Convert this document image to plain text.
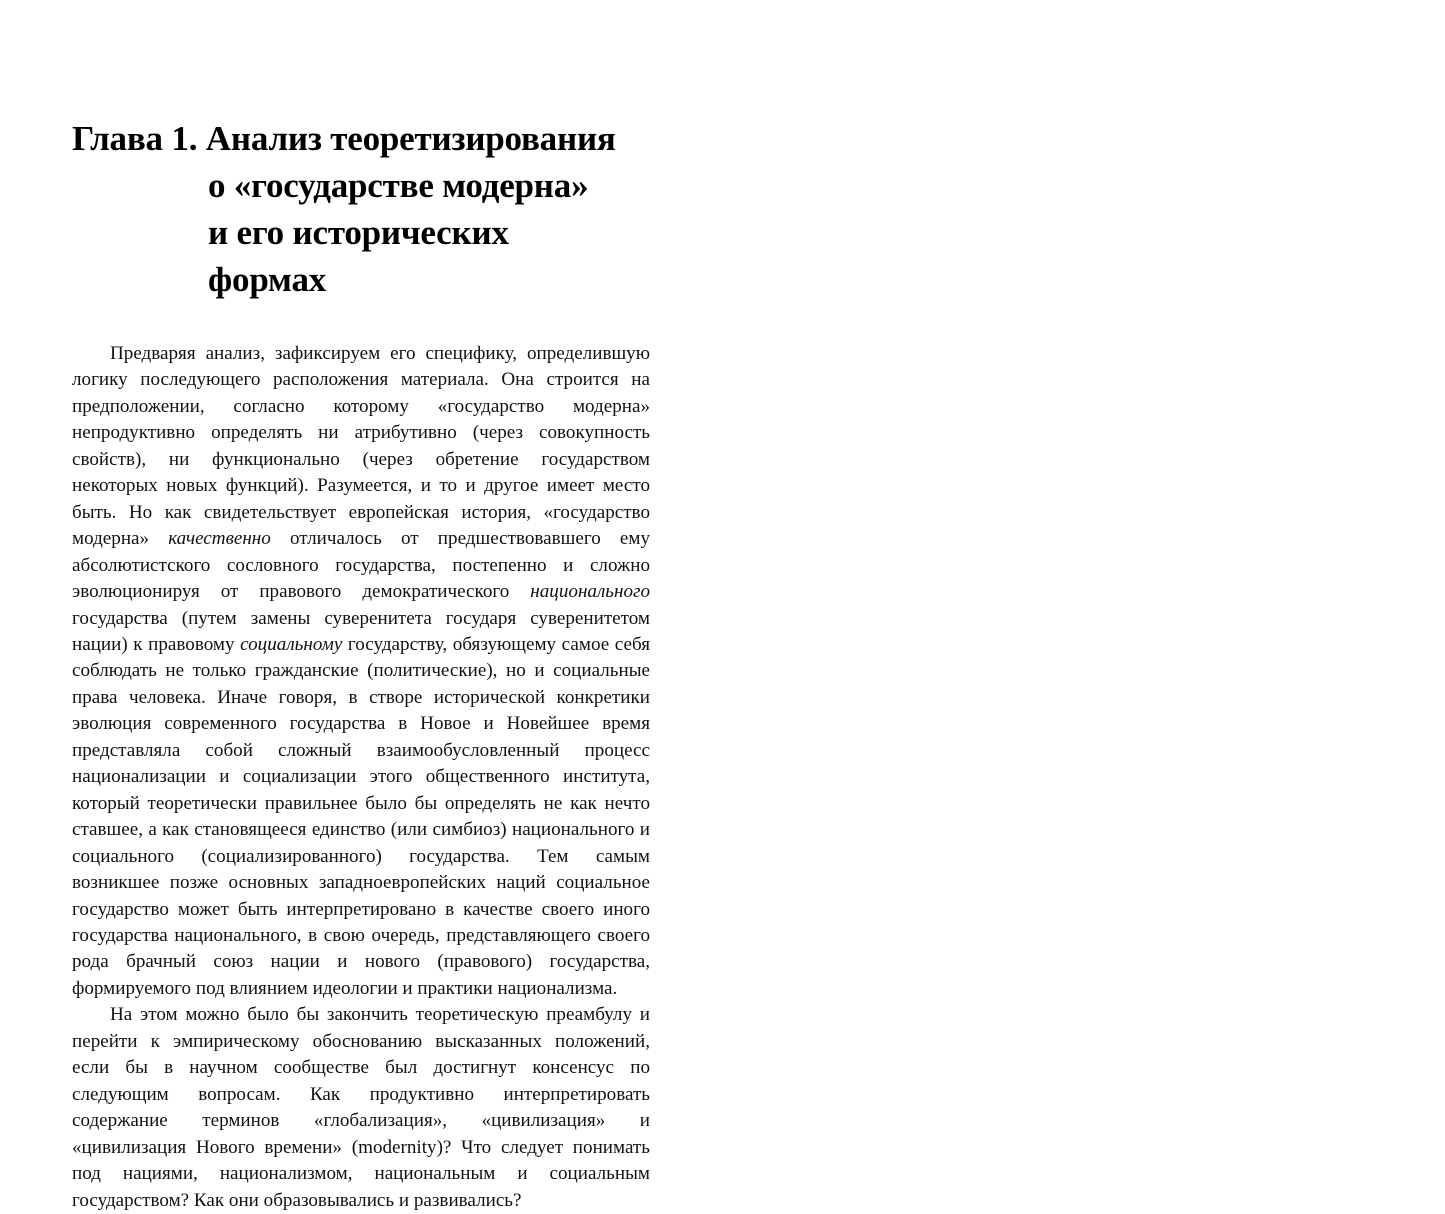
Глава 1. Анализ теоретизирования
о «государстве модерна»
и его исторических
формах

Предваряя анализ, зафиксируем его специфику, определившую логику последующего расположения материала. Она строится на предположении, согласно которому «государство модерна» непродуктивно определять ни атрибутивно (через совокупность свойств), ни функционально (через обретение государством некоторых новых функций). Разумеется, и то и другое имеет место быть. Но как свидетельствует европейская история, «государство модерна» качественно отличалось от предшествовавшего ему абсолютистского сословного государства, постепенно и сложно эволюционируя от правового демократического национального государства (путем замены суверенитета государя суверенитетом нации) к правовому социальному государству, обязующему самое себя соблюдать не только гражданские (политические), но и социальные права человека. Иначе говоря, в створе исторической конкретики эволюция современного государства в Новое и Новейшее время представляла собой сложный взаимообусловленный процесс национализации и социализации этого общественного института, который теоретически правильнее было бы определять не как нечто ставшее, а как становящееся единство (или симбиоз) национального и социального (социализированного) государства. Тем самым возникшее позже основных западноевропейских наций социальное государство может быть интерпретировано в качестве своего иного государства национального, в свою очередь, представляющего своего рода брачный союз нации и нового (правового) государства, формируемого под влиянием идеологии и практики национализма.

На этом можно было бы закончить теоретическую преамбулу и перейти к эмпирическому обоснованию высказанных положений, если бы в научном сообществе был достигнут консенсус по следующим вопросам. Как продуктивно интерпретировать содержание терминов «глобализация», «цивилизация» и «цивилизация Нового времени» (modernity)? Что следует понимать под нациями, национализмом, национальным и социальным государством? Как они образовывались и развивались?
